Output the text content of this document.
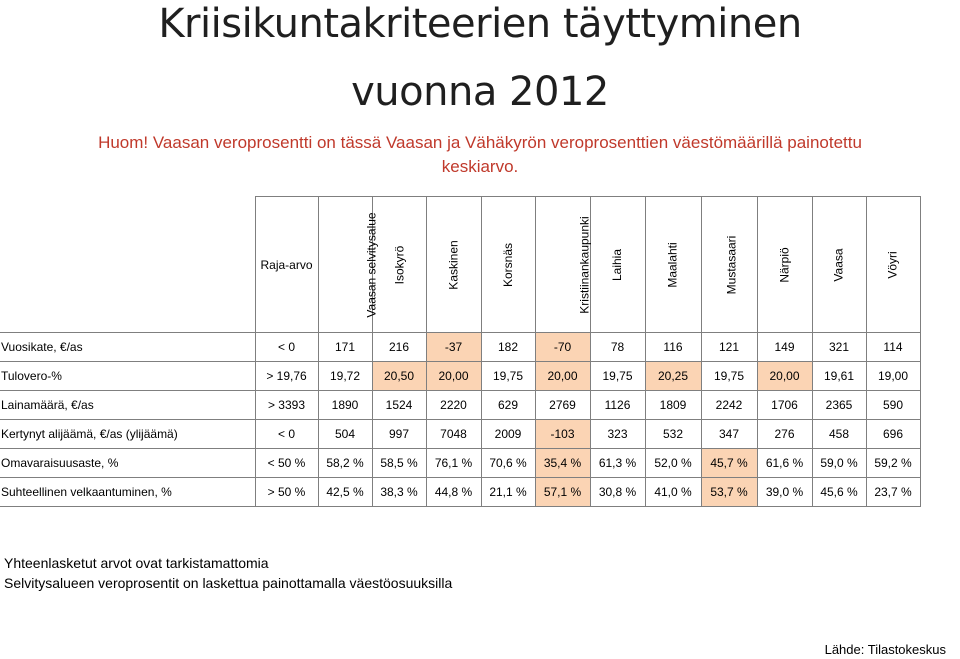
Kriisikuntakriteerien täyttyminen
vuonna 2012
Huom! Vaasan veroprosentti on tässä Vaasan ja Vähäkyrön veroprosenttien väestömäärillä painotettu
keskiarvo.
	Raja-arvo	Vaasan selvitysalue	Isokyrö	Kaskinen	Korsnäs	Kristiinankaupunki	Laihia	Maalahti	Mustasaari	Närpiö	Vaasa	Vöyri
Vuosikate, €/as	< 0	171	216	-37	182	-70	78	116	121	149	321	114
Tulovero-%	> 19,76	19,72	20,50	20,00	19,75	20,00	19,75	20,25	19,75	20,00	19,61	19,00
Lainamäärä, €/as	> 3393	1890	1524	2220	629	2769	1126	1809	2242	1706	2365	590
Kertynyt alijäämä, €/as (ylijäämä)	< 0	504	997	7048	2009	-103	323	532	347	276	458	696
Omavaraisuusaste, %	< 50 %	58,2 %	58,5 %	76,1 %	70,6 %	35,4 %	61,3 %	52,0 %	45,7 %	61,6 %	59,0 %	59,2 %
Suhteellinen velkaantuminen, %	> 50 %	42,5 %	38,3 %	44,8 %	21,1 %	57,1 %	30,8 %	41,0 %	53,7 %	39,0 %	45,6 %	23,7 %
Yhteenlasketut arvot ovat tarkistamattomia
Selvitysalueen veroprosentit on laskettua painottamalla väestöosuuksilla
Lähde: Tilastokeskus
